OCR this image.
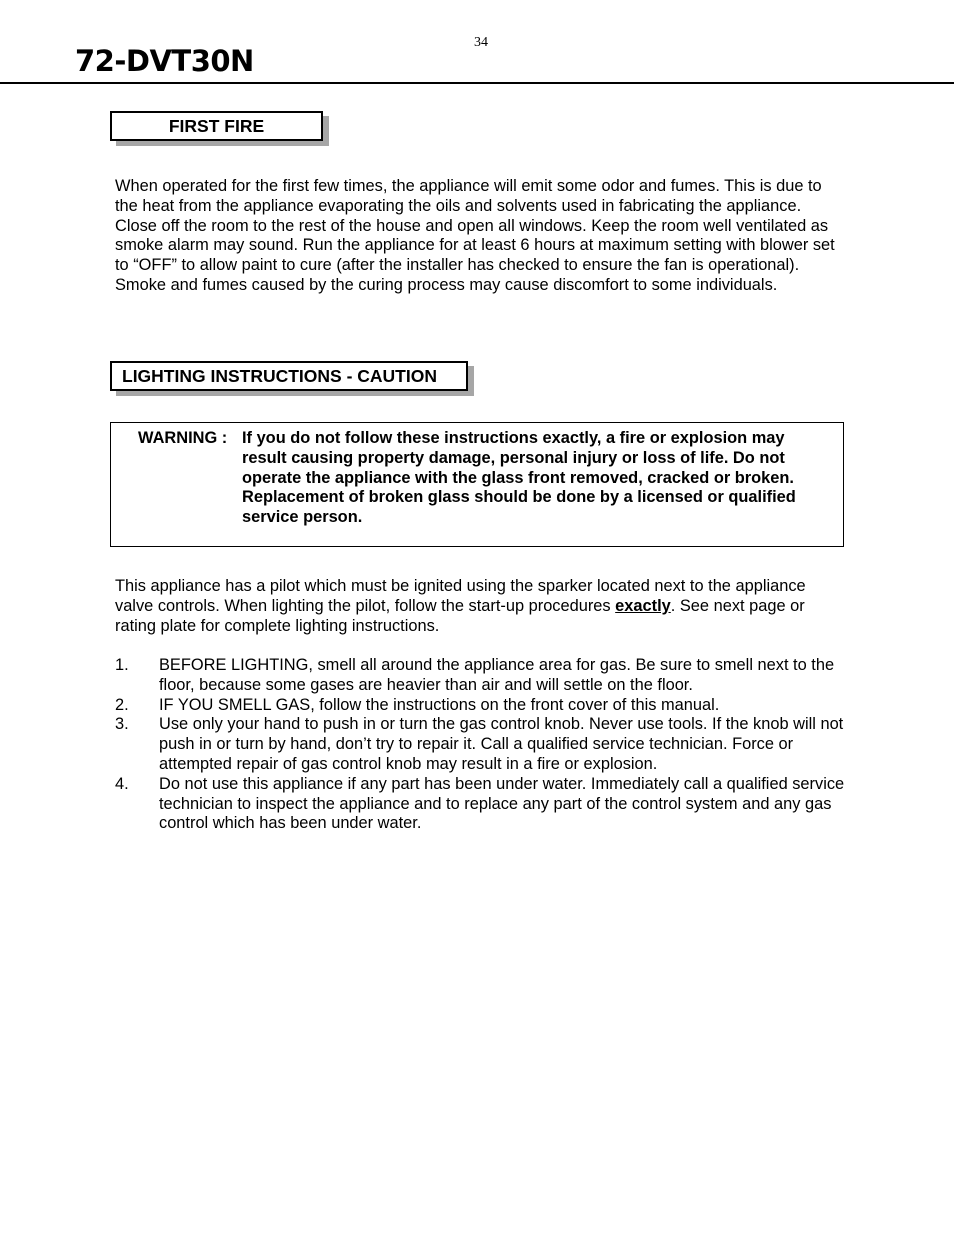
34
72-DVT30N
FIRST FIRE

When operated for the first few times, the appliance will emit some odor and fumes. This is due to the heat from the appliance evaporating the oils and solvents used in fabricating the appliance. Close off the room to the rest of the house and open all windows. Keep the room well ventilated as smoke alarm may sound. Run the appliance for at least 6 hours at maximum setting with blower set to “OFF” to allow paint to cure (after the installer has checked to ensure the fan is operational). Smoke and fumes caused by the curing process may cause discomfort to some individuals.

LIGHTING INSTRUCTIONS - CAUTION
WARNING : If you do not follow these instructions exactly, a fire or explosion may result causing property damage, personal injury or loss of life. Do not operate the appliance with the glass front removed, cracked or broken. Replacement of broken glass should be done by a licensed or qualified service person.

This appliance has a pilot which must be ignited using the sparker located next to the appliance valve controls. When lighting the pilot, follow the start-up procedures exactly. See next page or rating plate for complete lighting instructions.

1. BEFORE LIGHTING, smell all around the appliance area for gas. Be sure to smell next to the floor, because some gases are heavier than air and will settle on the floor.
2. IF YOU SMELL GAS, follow the instructions on the front cover of this manual.
3. Use only your hand to push in or turn the gas control knob. Never use tools. If the knob will not push in or turn by hand, don’t try to repair it. Call a qualified service technician. Force or attempted repair of gas control knob may result in a fire or explosion.
4. Do not use this appliance if any part has been under water. Immediately call a qualified service technician to inspect the appliance and to replace any part of the control system and any gas control which has been under water.
